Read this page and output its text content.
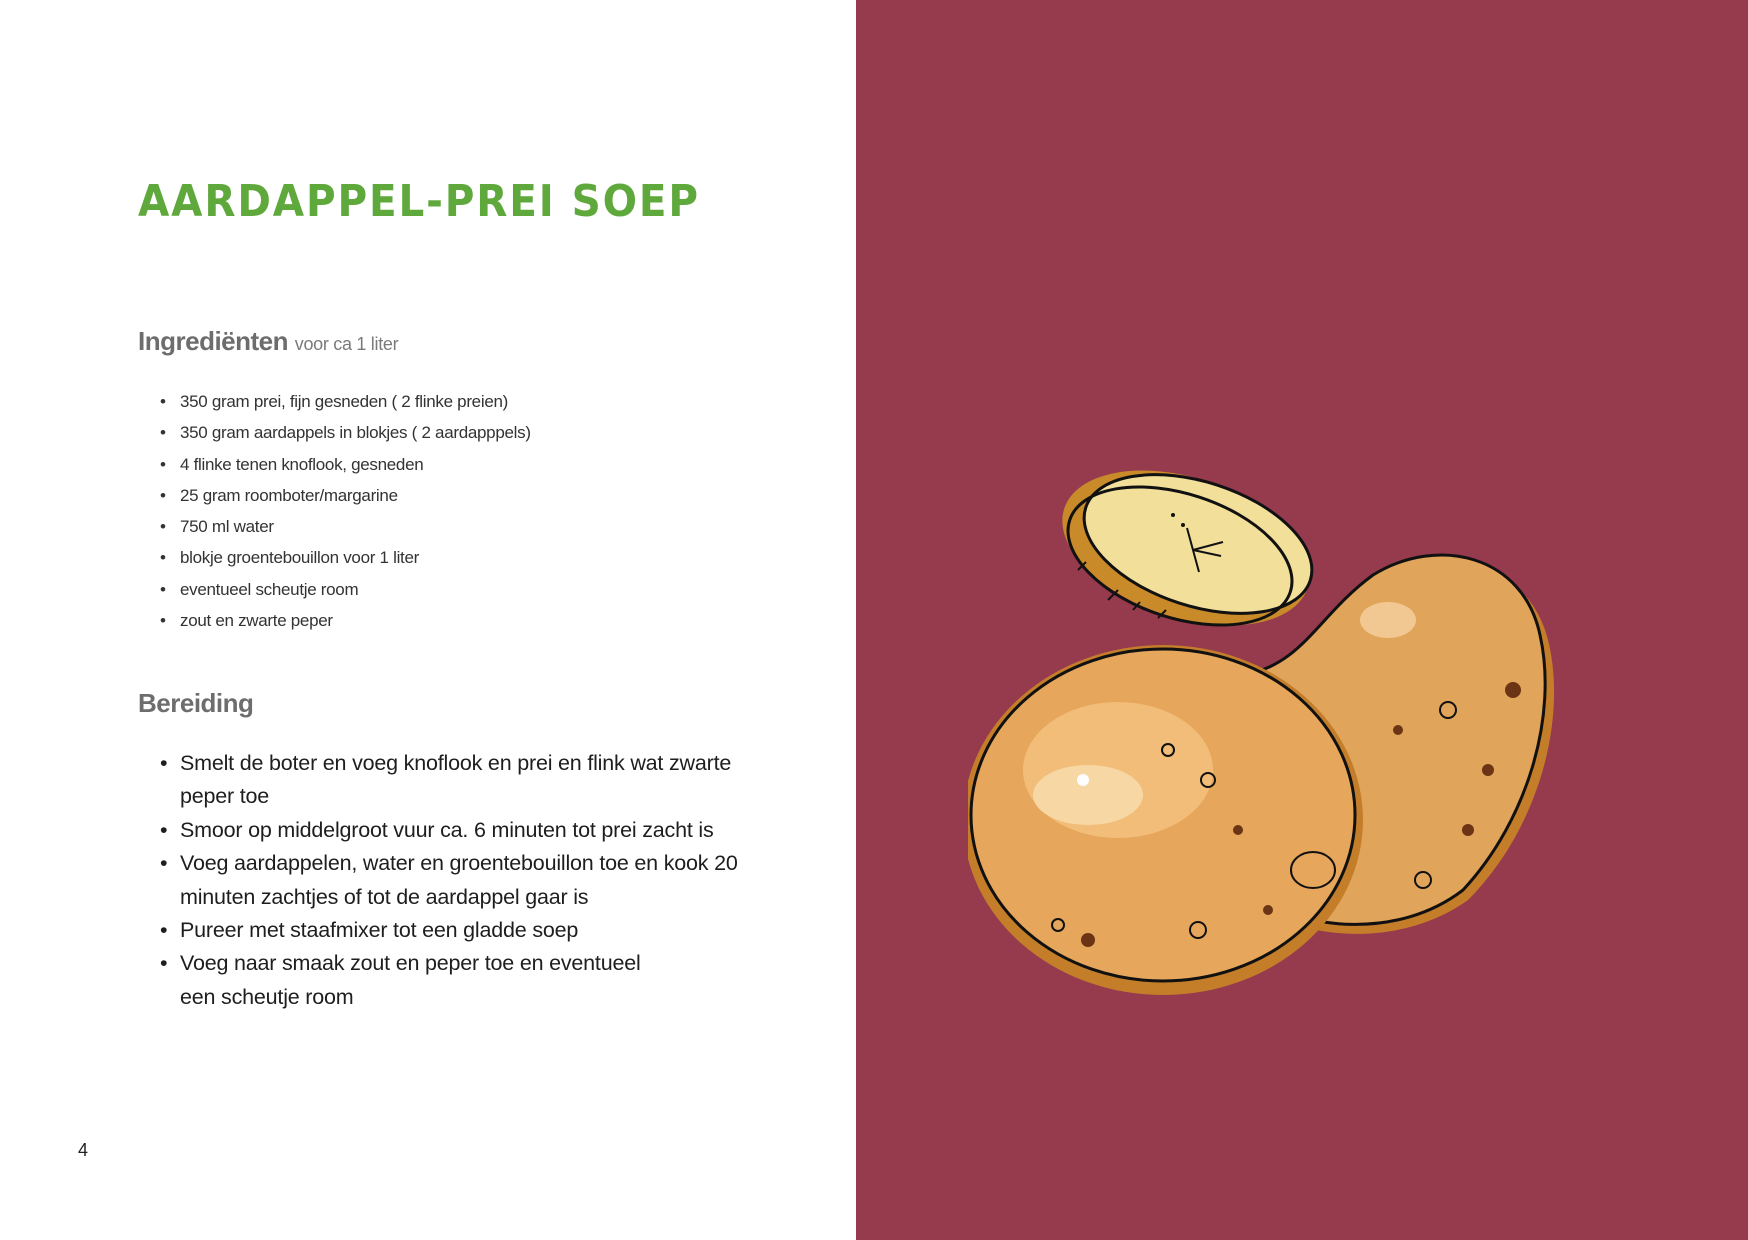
AARDAPPEL-PREI SOEP
Ingrediënten voor ca 1 liter
• 350 gram prei, fijn gesneden ( 2 flinke preien)
• 350 gram aardappels in blokjes ( 2 aardapppels)
• 4 flinke tenen knoflook, gesneden
• 25 gram roomboter/margarine
• 750 ml water
• blokje groentebouillon voor 1 liter
• eventueel scheutje room
• zout en zwarte peper
Bereiding
• Smelt de boter en voeg knoflook en prei en flink wat zwarte peper toe
• Smoor op middelgroot vuur ca. 6 minuten tot prei zacht is
• Voeg aardappelen, water en groentebouillon toe en kook 20 minuten zachtjes of tot de aardappel gaar is
• Pureer met staafmixer tot een gladde soep
• Voeg naar smaak zout en peper toe en eventueel een scheutje room
4
